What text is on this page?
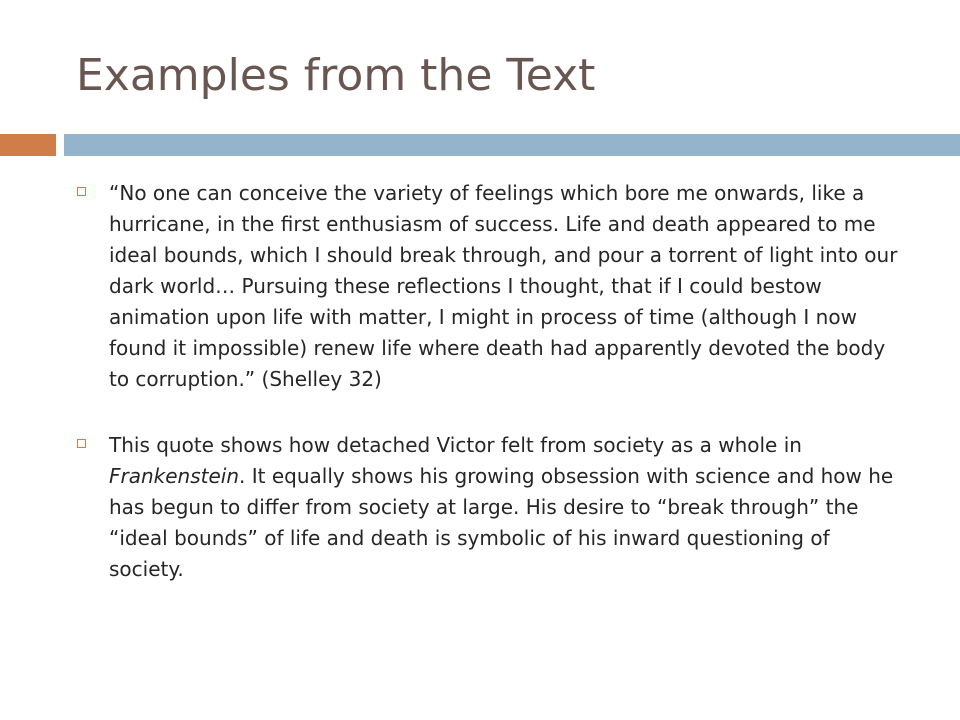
Examples from the Text
“No one can conceive the variety of feelings which bore me onwards, like a hurricane, in the first enthusiasm of success. Life and death appeared to me ideal bounds, which I should break through, and pour a torrent of light into our dark world… Pursuing these reflections I thought, that if I could bestow animation upon life with matter, I might in process of time (although I now found it impossible) renew life where death had apparently devoted the body to corruption.” (Shelley 32)
This quote shows how detached Victor felt from society as a whole in Frankenstein. It equally shows his growing obsession with science and how he has begun to differ from society at large. His desire to “break through” the “ideal bounds” of life and death is symbolic of his inward questioning of society.
